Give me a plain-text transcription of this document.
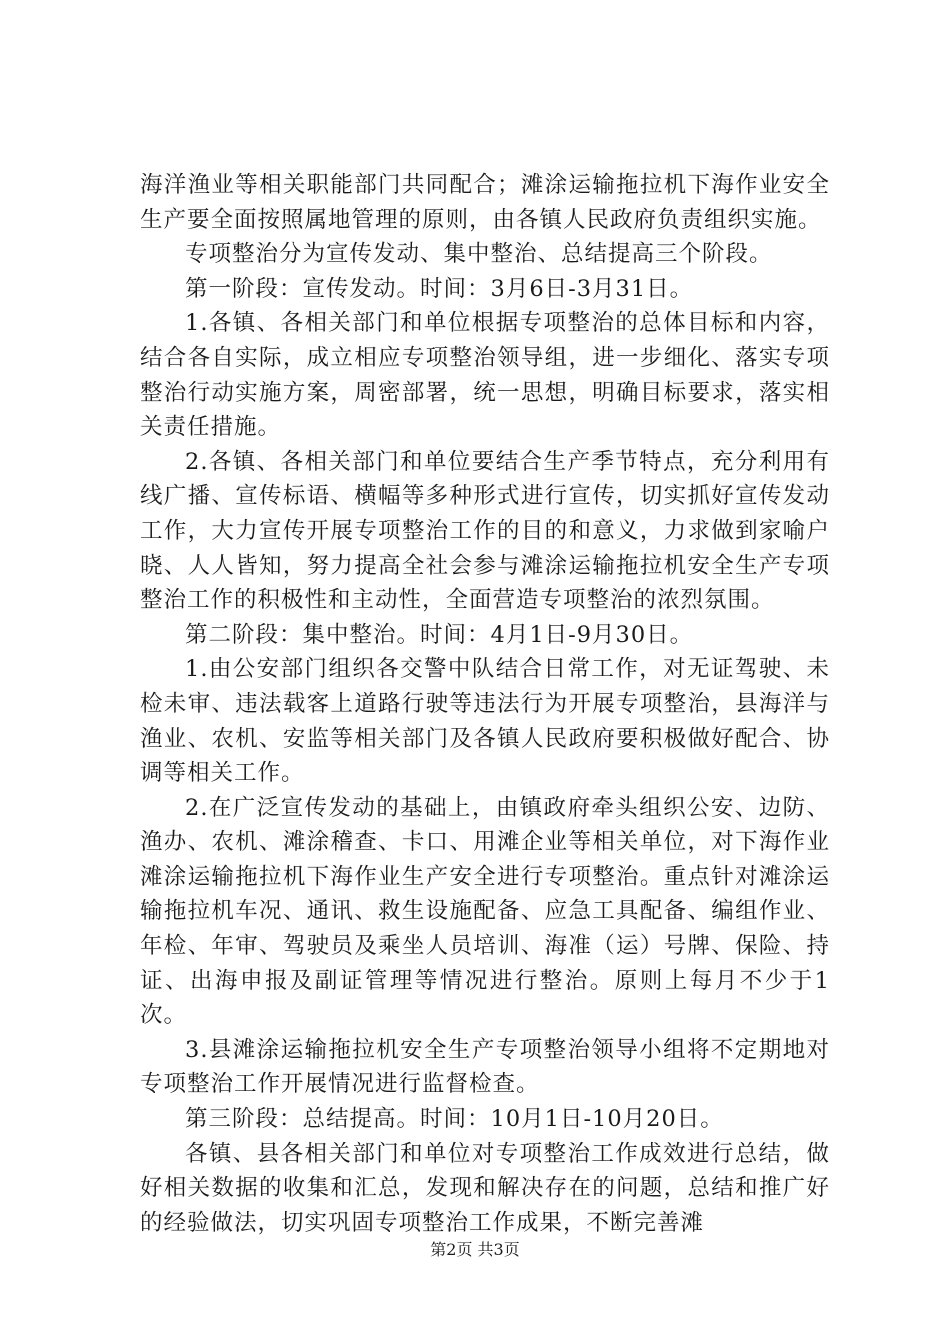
海洋渔业等相关职能部门共同配合；滩涂运输拖拉机下海作业安全生产要全面按照属地管理的原则，由各镇人民政府负责组织实施。

专项整治分为宣传发动、集中整治、总结提高三个阶段。

第一阶段：宣传发动。时间：3月6日-3月31日。

1.各镇、各相关部门和单位根据专项整治的总体目标和内容，结合各自实际，成立相应专项整治领导组，进一步细化、落实专项整治行动实施方案，周密部署，统一思想，明确目标要求，落实相关责任措施。

2.各镇、各相关部门和单位要结合生产季节特点，充分利用有线广播、宣传标语、横幅等多种形式进行宣传，切实抓好宣传发动工作，大力宣传开展专项整治工作的目的和意义，力求做到家喻户晓、人人皆知，努力提高全社会参与滩涂运输拖拉机安全生产专项整治工作的积极性和主动性，全面营造专项整治的浓烈氛围。

第二阶段：集中整治。时间：4月1日-9月30日。

1.由公安部门组织各交警中队结合日常工作，对无证驾驶、未检未审、违法载客上道路行驶等违法行为开展专项整治，县海洋与渔业、农机、安监等相关部门及各镇人民政府要积极做好配合、协调等相关工作。

2.在广泛宣传发动的基础上，由镇政府牵头组织公安、边防、渔办、农机、滩涂稽查、卡口、用滩企业等相关单位，对下海作业滩涂运输拖拉机下海作业生产安全进行专项整治。重点针对滩涂运输拖拉机车况、通讯、救生设施配备、应急工具配备、编组作业、年检、年审、驾驶员及乘坐人员培训、海准（运）号牌、保险、持证、出海申报及副证管理等情况进行整治。原则上每月不少于1次。

3.县滩涂运输拖拉机安全生产专项整治领导小组将不定期地对专项整治工作开展情况进行监督检查。

第三阶段：总结提高。时间：10月1日-10月20日。

各镇、县各相关部门和单位对专项整治工作成效进行总结，做好相关数据的收集和汇总，发现和解决存在的问题，总结和推广好的经验做法，切实巩固专项整治工作成果，不断完善滩

第2页 共3页
